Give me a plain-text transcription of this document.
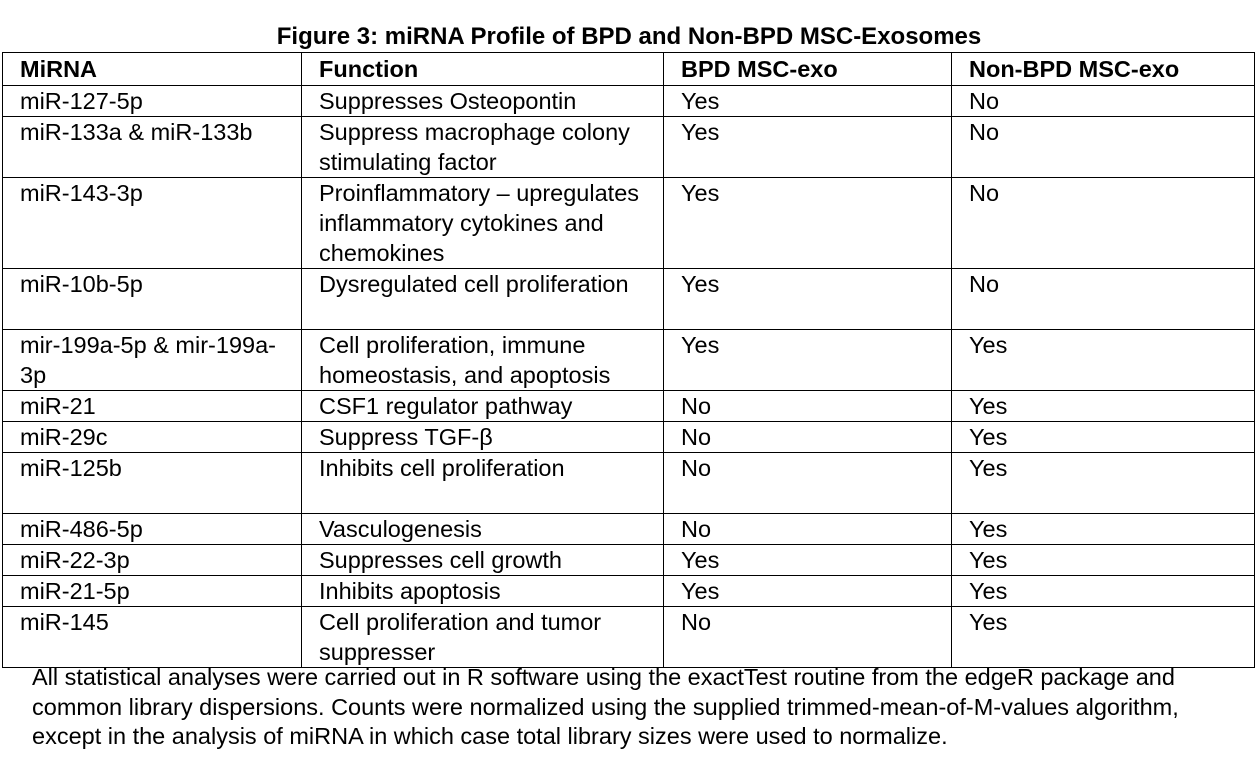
Figure 3: miRNA Profile of BPD and Non-BPD MSC-Exosomes
MiRNA	Function	BPD MSC-exo	Non-BPD MSC-exo
miR-127-5p	Suppresses Osteopontin	Yes	No
miR-133a & miR-133b	Suppress macrophage colony stimulating factor	Yes	No
miR-143-3p	Proinflammatory – upregulates inflammatory cytokines and chemokines	Yes	No
miR-10b-5p	Dysregulated cell proliferation	Yes	No
mir-199a-5p & mir-199a-3p	Cell proliferation, immune homeostasis, and apoptosis	Yes	Yes
miR-21	CSF1 regulator pathway	No	Yes
miR-29c	Suppress TGF-β	No	Yes
miR-125b	Inhibits cell proliferation	No	Yes
miR-486-5p	Vasculogenesis	No	Yes
miR-22-3p	Suppresses cell growth	Yes	Yes
miR-21-5p	Inhibits apoptosis	Yes	Yes
miR-145	Cell proliferation and tumor suppresser	No	Yes
All statistical analyses were carried out in R software using the exactTest routine from the edgeR package and common library dispersions. Counts were normalized using the supplied trimmed-mean-of-M-values algorithm, except in the analysis of miRNA in which case total library sizes were used to normalize.
